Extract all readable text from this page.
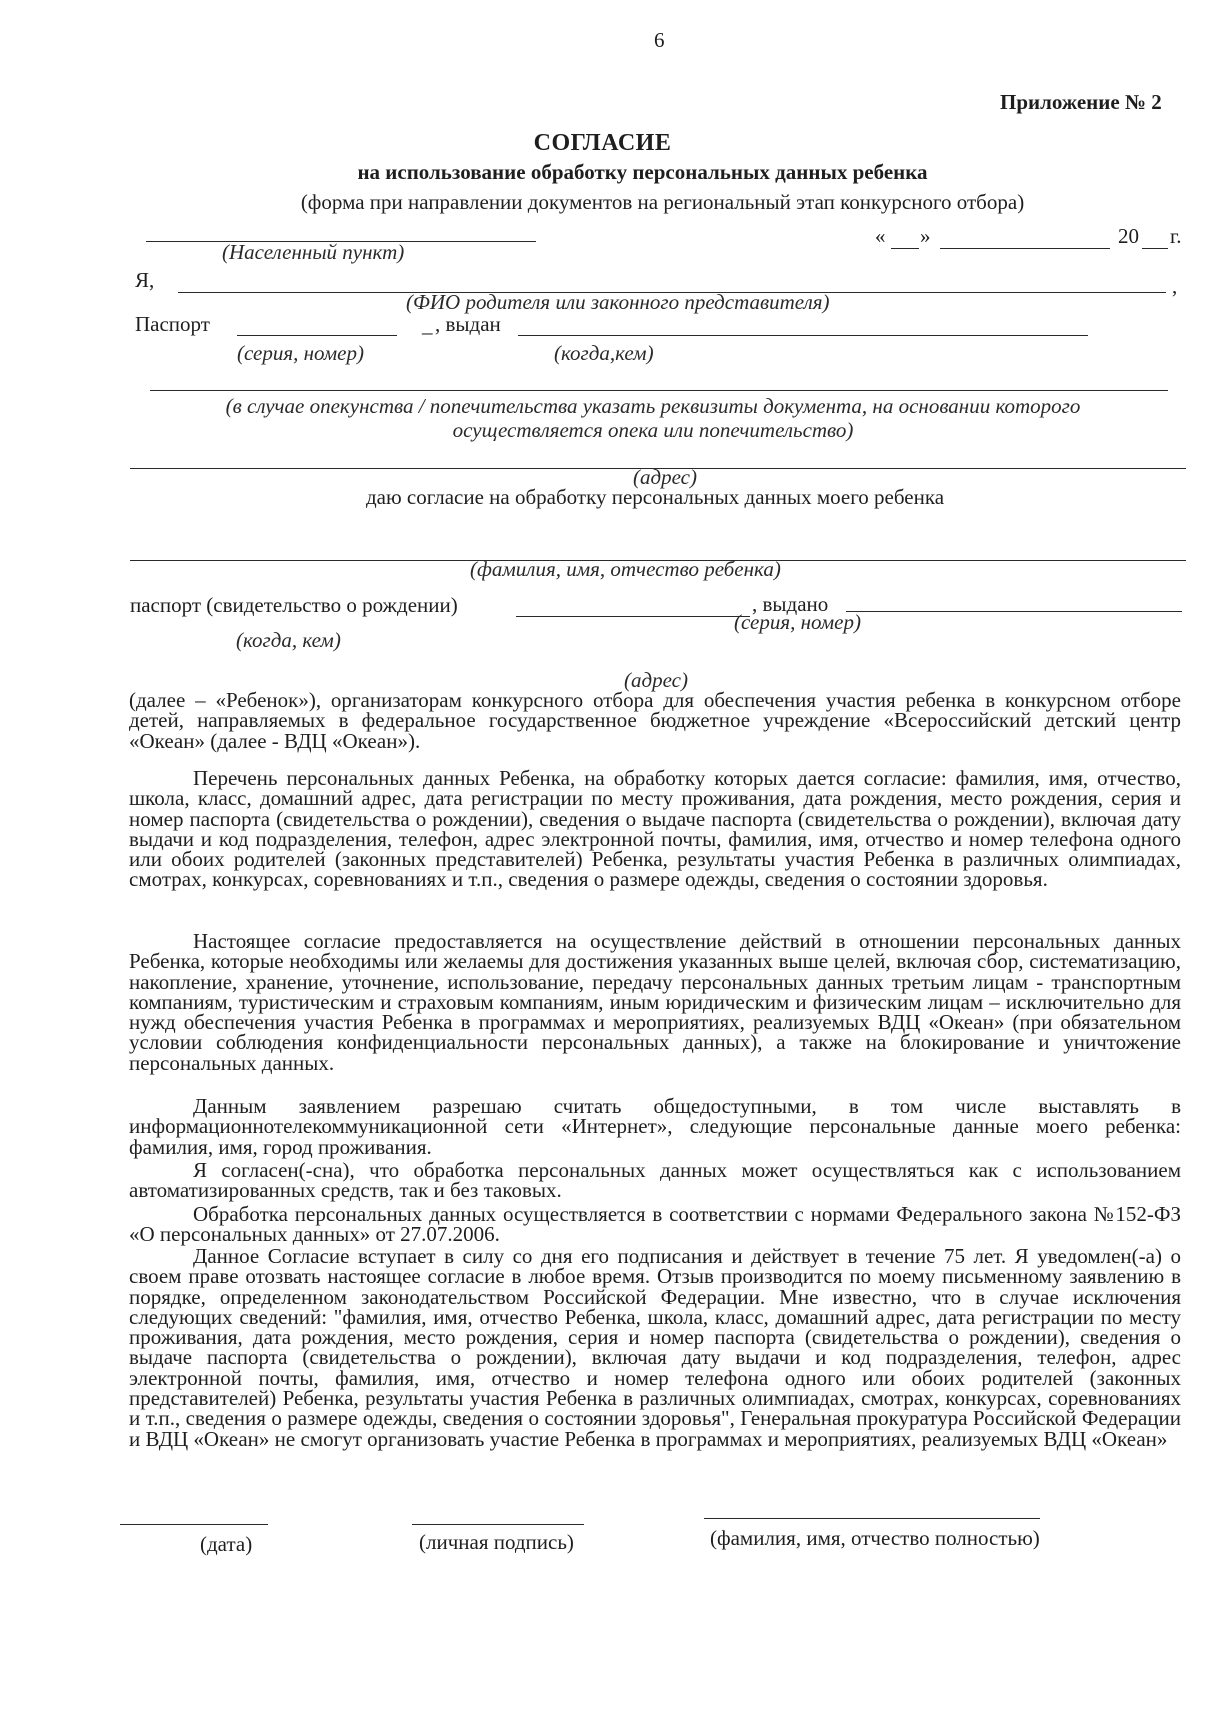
6
Приложение № 2
СОГЛАСИЕ
на использование обработку персональных данных ребенка
(форма при направлении документов на региональный этап конкурсного отбора)
(Населенный пункт)
« »	20 г.
Я,	,
(ФИО родителя или законного представителя)
Паспорт	_ , выдан
(серия, номер)	(когда,кем)
(в случае опекунства / попечительства указать реквизиты документа, на основании которого
осуществляется опека или попечительство)
(адрес)
даю согласие на обработку персональных данных моего ребенка
(фамилия, имя, отчество ребенка)
паспорт (свидетельство о рождении)	, выдано
(серия, номер)
(когда, кем)
(адрес)

(далее – «Ребенок»), организаторам конкурсного отбора для обеспечения участия ребенка в конкурсном отборе детей, направляемых в федеральное государственное бюджетное учреждение «Всероссийский детский центр «Океан» (далее - ВДЦ «Океан»).

Перечень персональных данных Ребенка, на обработку которых дается согласие: фамилия, имя, отчество, школа, класс, домашний адрес, дата регистрации по месту проживания, дата рождения, место рождения, серия и номер паспорта (свидетельства о рождении), сведения о выдаче паспорта (свидетельства о рождении), включая дату выдачи и код подразделения, телефон, адрес электронной почты, фамилия, имя, отчество и номер телефона одного или обоих родителей (законных представителей) Ребенка, результаты участия Ребенка в различных олимпиадах, смотрах, конкурсах, соревнованиях и т.п., сведения о размере одежды, сведения о состоянии здоровья.

Настоящее согласие предоставляется на осуществление действий в отношении персональных данных Ребенка, которые необходимы или желаемы для достижения указанных выше целей, включая сбор, систематизацию, накопление, хранение, уточнение, использование, передачу персональных данных третьим лицам - транспортным компаниям, туристическим и страховым компаниям, иным юридическим и физическим лицам – исключительно для нужд обеспечения участия Ребенка в программах и мероприятиях, реализуемых ВДЦ «Океан» (при обязательном условии соблюдения конфиденциальности персональных данных), а также на блокирование и уничтожение персональных данных.

Данным заявлением разрешаю считать общедоступными, в том числе выставлять в информационнотелекоммуникационной сети «Интернет», следующие персональные данные моего ребенка: фамилия, имя, город проживания.

Я согласен(-сна), что обработка персональных данных может осуществляться как с использованием автоматизированных средств, так и без таковых.

Обработка персональных данных осуществляется в соответствии с нормами Федерального закона №152-ФЗ «О персональных данных» от 27.07.2006.

Данное Согласие вступает в силу со дня его подписания и действует в течение 75 лет. Я уведомлен(-а) о своем праве отозвать настоящее согласие в любое время. Отзыв производится по моему письменному заявлению в порядке, определенном законодательством Российской Федерации. Мне известно, что в случае исключения следующих сведений: "фамилия, имя, отчество Ребенка, школа, класс, домашний адрес, дата регистрации по месту проживания, дата рождения, место рождения, серия и номер паспорта (свидетельства о рождении), сведения о выдаче паспорта (свидетельства о рождении), включая дату выдачи и код подразделения, телефон, адрес электронной почты, фамилия, имя, отчество и номер телефона одного или обоих родителей (законных представителей) Ребенка, результаты участия Ребенка в различных олимпиадах, смотрах, конкурсах, соревнованиях и т.п., сведения о размере одежды, сведения о состоянии здоровья", Генеральная прокуратура Российской Федерации и ВДЦ «Океан» не смогут организовать участие Ребенка в программах и мероприятиях, реализуемых ВДЦ «Океан»

(дата)	(личная подпись)	(фамилия, имя, отчество полностью)
